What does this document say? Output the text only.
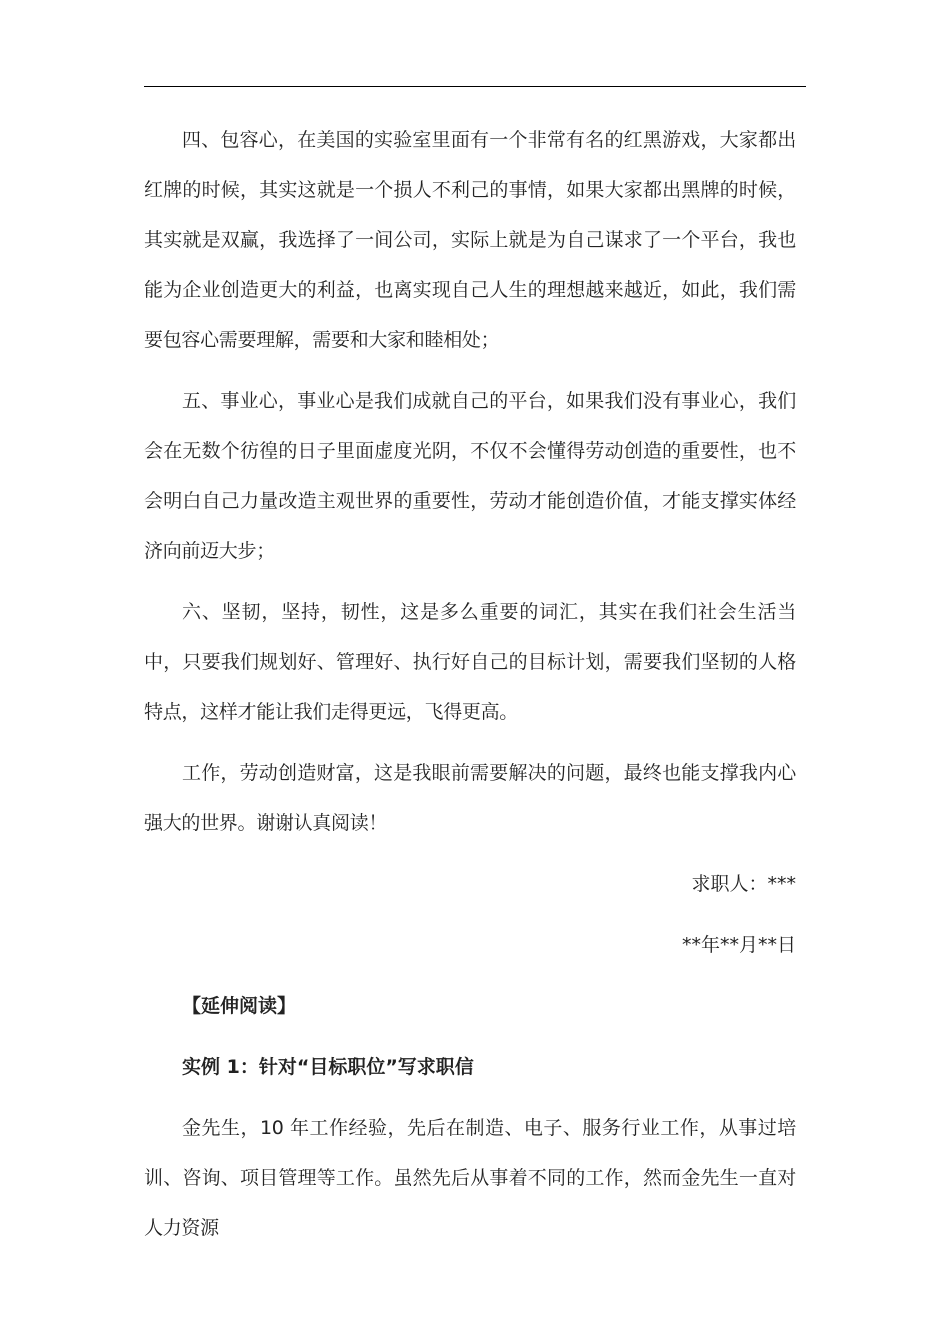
四、包容心，在美国的实验室里面有一个非常有名的红黑游戏，大家都出红牌的时候，其实这就是一个损人不利己的事情，如果大家都出黑牌的时候，其实就是双赢，我选择了一间公司，实际上就是为自己谋求了一个平台，我也能为企业创造更大的利益，也离实现自己人生的理想越来越近，如此，我们需要包容心需要理解，需要和大家和睦相处；

五、事业心，事业心是我们成就自己的平台，如果我们没有事业心，我们会在无数个彷徨的日子里面虚度光阴，不仅不会懂得劳动创造的重要性，也不会明白自己力量改造主观世界的重要性，劳动才能创造价值，才能支撑实体经济向前迈大步；

六、坚韧，坚持，韧性，这是多么重要的词汇，其实在我们社会生活当中，只要我们规划好、管理好、执行好自己的目标计划，需要我们坚韧的人格特点，这样才能让我们走得更远，飞得更高。

工作，劳动创造财富，这是我眼前需要解决的问题，最终也能支撑我内心强大的世界。谢谢认真阅读！

求职人：***

**年**月**日

【延伸阅读】

实例 1：针对“目标职位”写求职信

金先生，10 年工作经验，先后在制造、电子、服务行业工作，从事过培训、咨询、项目管理等工作。虽然先后从事着不同的工作，然而金先生一直对人力资源
